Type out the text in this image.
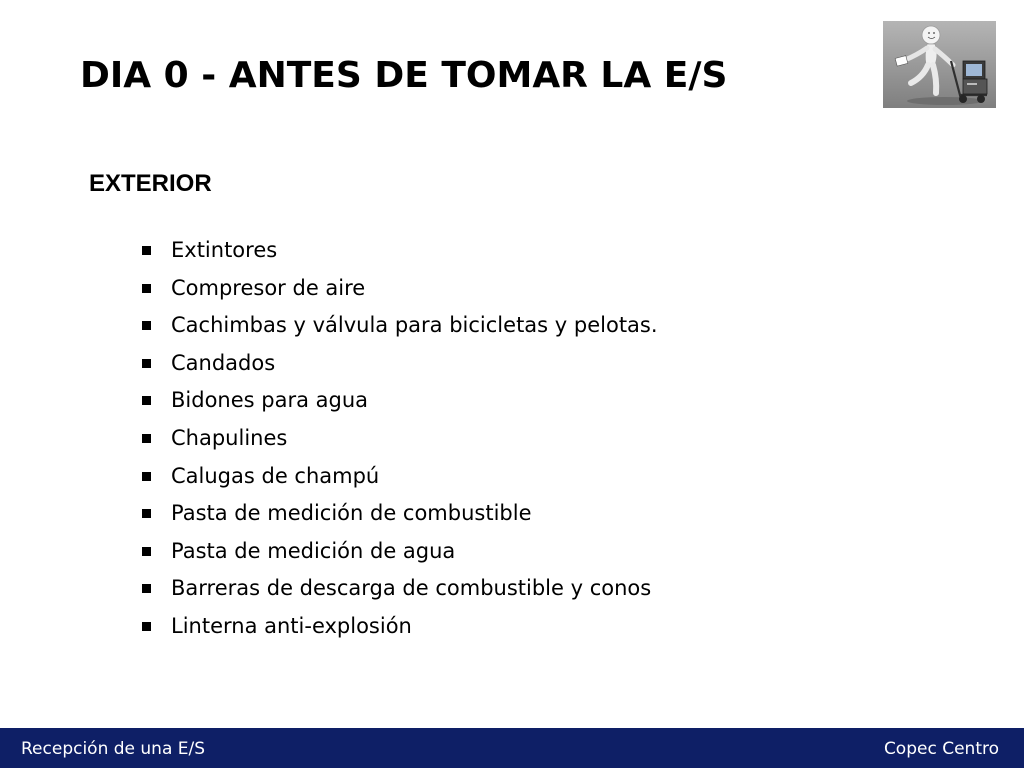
DIA 0 - ANTES DE TOMAR LA E/S
EXTERIOR
Extintores
Compresor de aire
Cachimbas y válvula para bicicletas y pelotas.
Candados
Bidones para agua
Chapulines
Calugas de champú
Pasta de medición de combustible
Pasta de medición de agua
Barreras de descarga de combustible y conos
Linterna anti-explosión
Recepción de una E/S	Copec Centro
